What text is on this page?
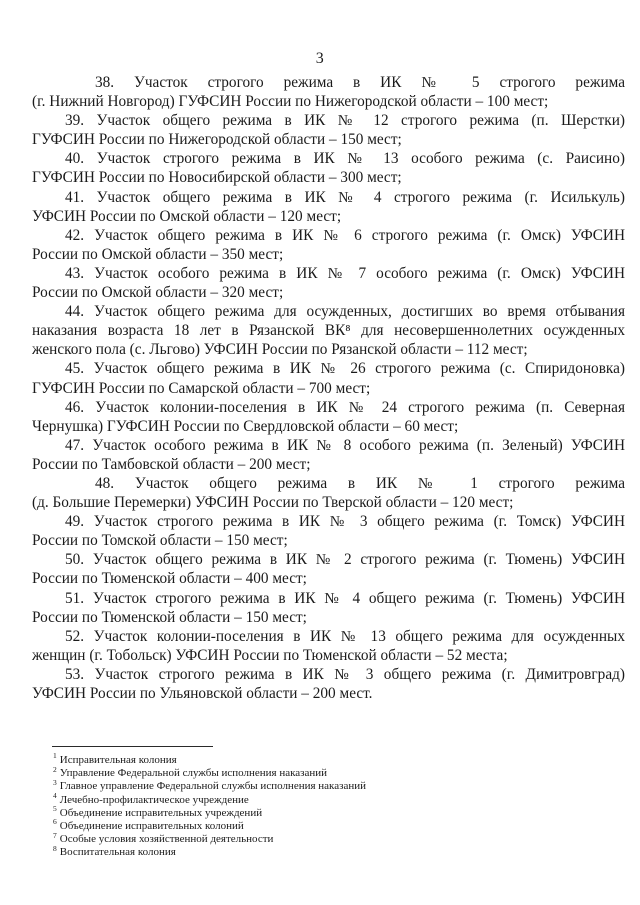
3
38. Участок строгого режима в ИК № 5 строгого режима
(г. Нижний Новгород) ГУФСИН России по Нижегородской области – 100 мест;
39. Участок общего режима в ИК № 12 строгого режима (п. Шерстки)
ГУФСИН России по Нижегородской области – 150 мест;
40. Участок строгого режима в ИК № 13 особого режима (с. Раисино)
ГУФСИН России по Новосибирской области – 300 мест;
41. Участок общего режима в ИК № 4 строгого режима (г. Исилькуль)
УФСИН России по Омской области – 120 мест;
42. Участок общего режима в ИК № 6 строгого режима (г. Омск) УФСИН
России по Омской области – 350 мест;
43. Участок особого режима в ИК № 7 особого режима (г. Омск) УФСИН
России по Омской области – 320 мест;
44. Участок общего режима для осужденных, достигших во время отбывания
наказания возраста 18 лет в Рязанской ВК⁸ для несовершеннолетних осужденных
женского пола (с. Льгово) УФСИН России по Рязанской области – 112 мест;
45. Участок общего режима в ИК № 26 строгого режима (с. Спиридоновка)
ГУФСИН России по Самарской области – 700 мест;
46. Участок колонии-поселения в ИК № 24 строгого режима (п. Северная
Чернушка) ГУФСИН России по Свердловской области – 60 мест;
47. Участок особого режима в ИК № 8 особого режима (п. Зеленый) УФСИН
России по Тамбовской области – 200 мест;
48. Участок общего режима в ИК № 1 строгого режима
(д. Большие Перемерки) УФСИН России по Тверской области – 120 мест;
49. Участок строгого режима в ИК № 3 общего режима (г. Томск) УФСИН
России по Томской области – 150 мест;
50. Участок общего режима в ИК № 2 строгого режима (г. Тюмень) УФСИН
России по Тюменской области – 400 мест;
51. Участок строгого режима в ИК № 4 общего режима (г. Тюмень) УФСИН
России по Тюменской области – 150 мест;
52. Участок колонии-поселения в ИК № 13 общего режима для осужденных
женщин (г. Тобольск) УФСИН России по Тюменской области – 52 места;
53. Участок строгого режима в ИК № 3 общего режима (г. Димитровград)
УФСИН России по Ульяновской области – 200 мест.
$^1$ Исправительная колония
$^2$ Управление Федеральной службы исполнения наказаний
$^3$ Главное управление Федеральной службы исполнения наказаний
$^4$ Лечебно-профилактическое учреждение
$^5$ Объединение исправительных учреждений
$^6$ Объединение исправительных колоний
$^7$ Особые условия хозяйственной деятельности
$^8$ Воспитательная колония
